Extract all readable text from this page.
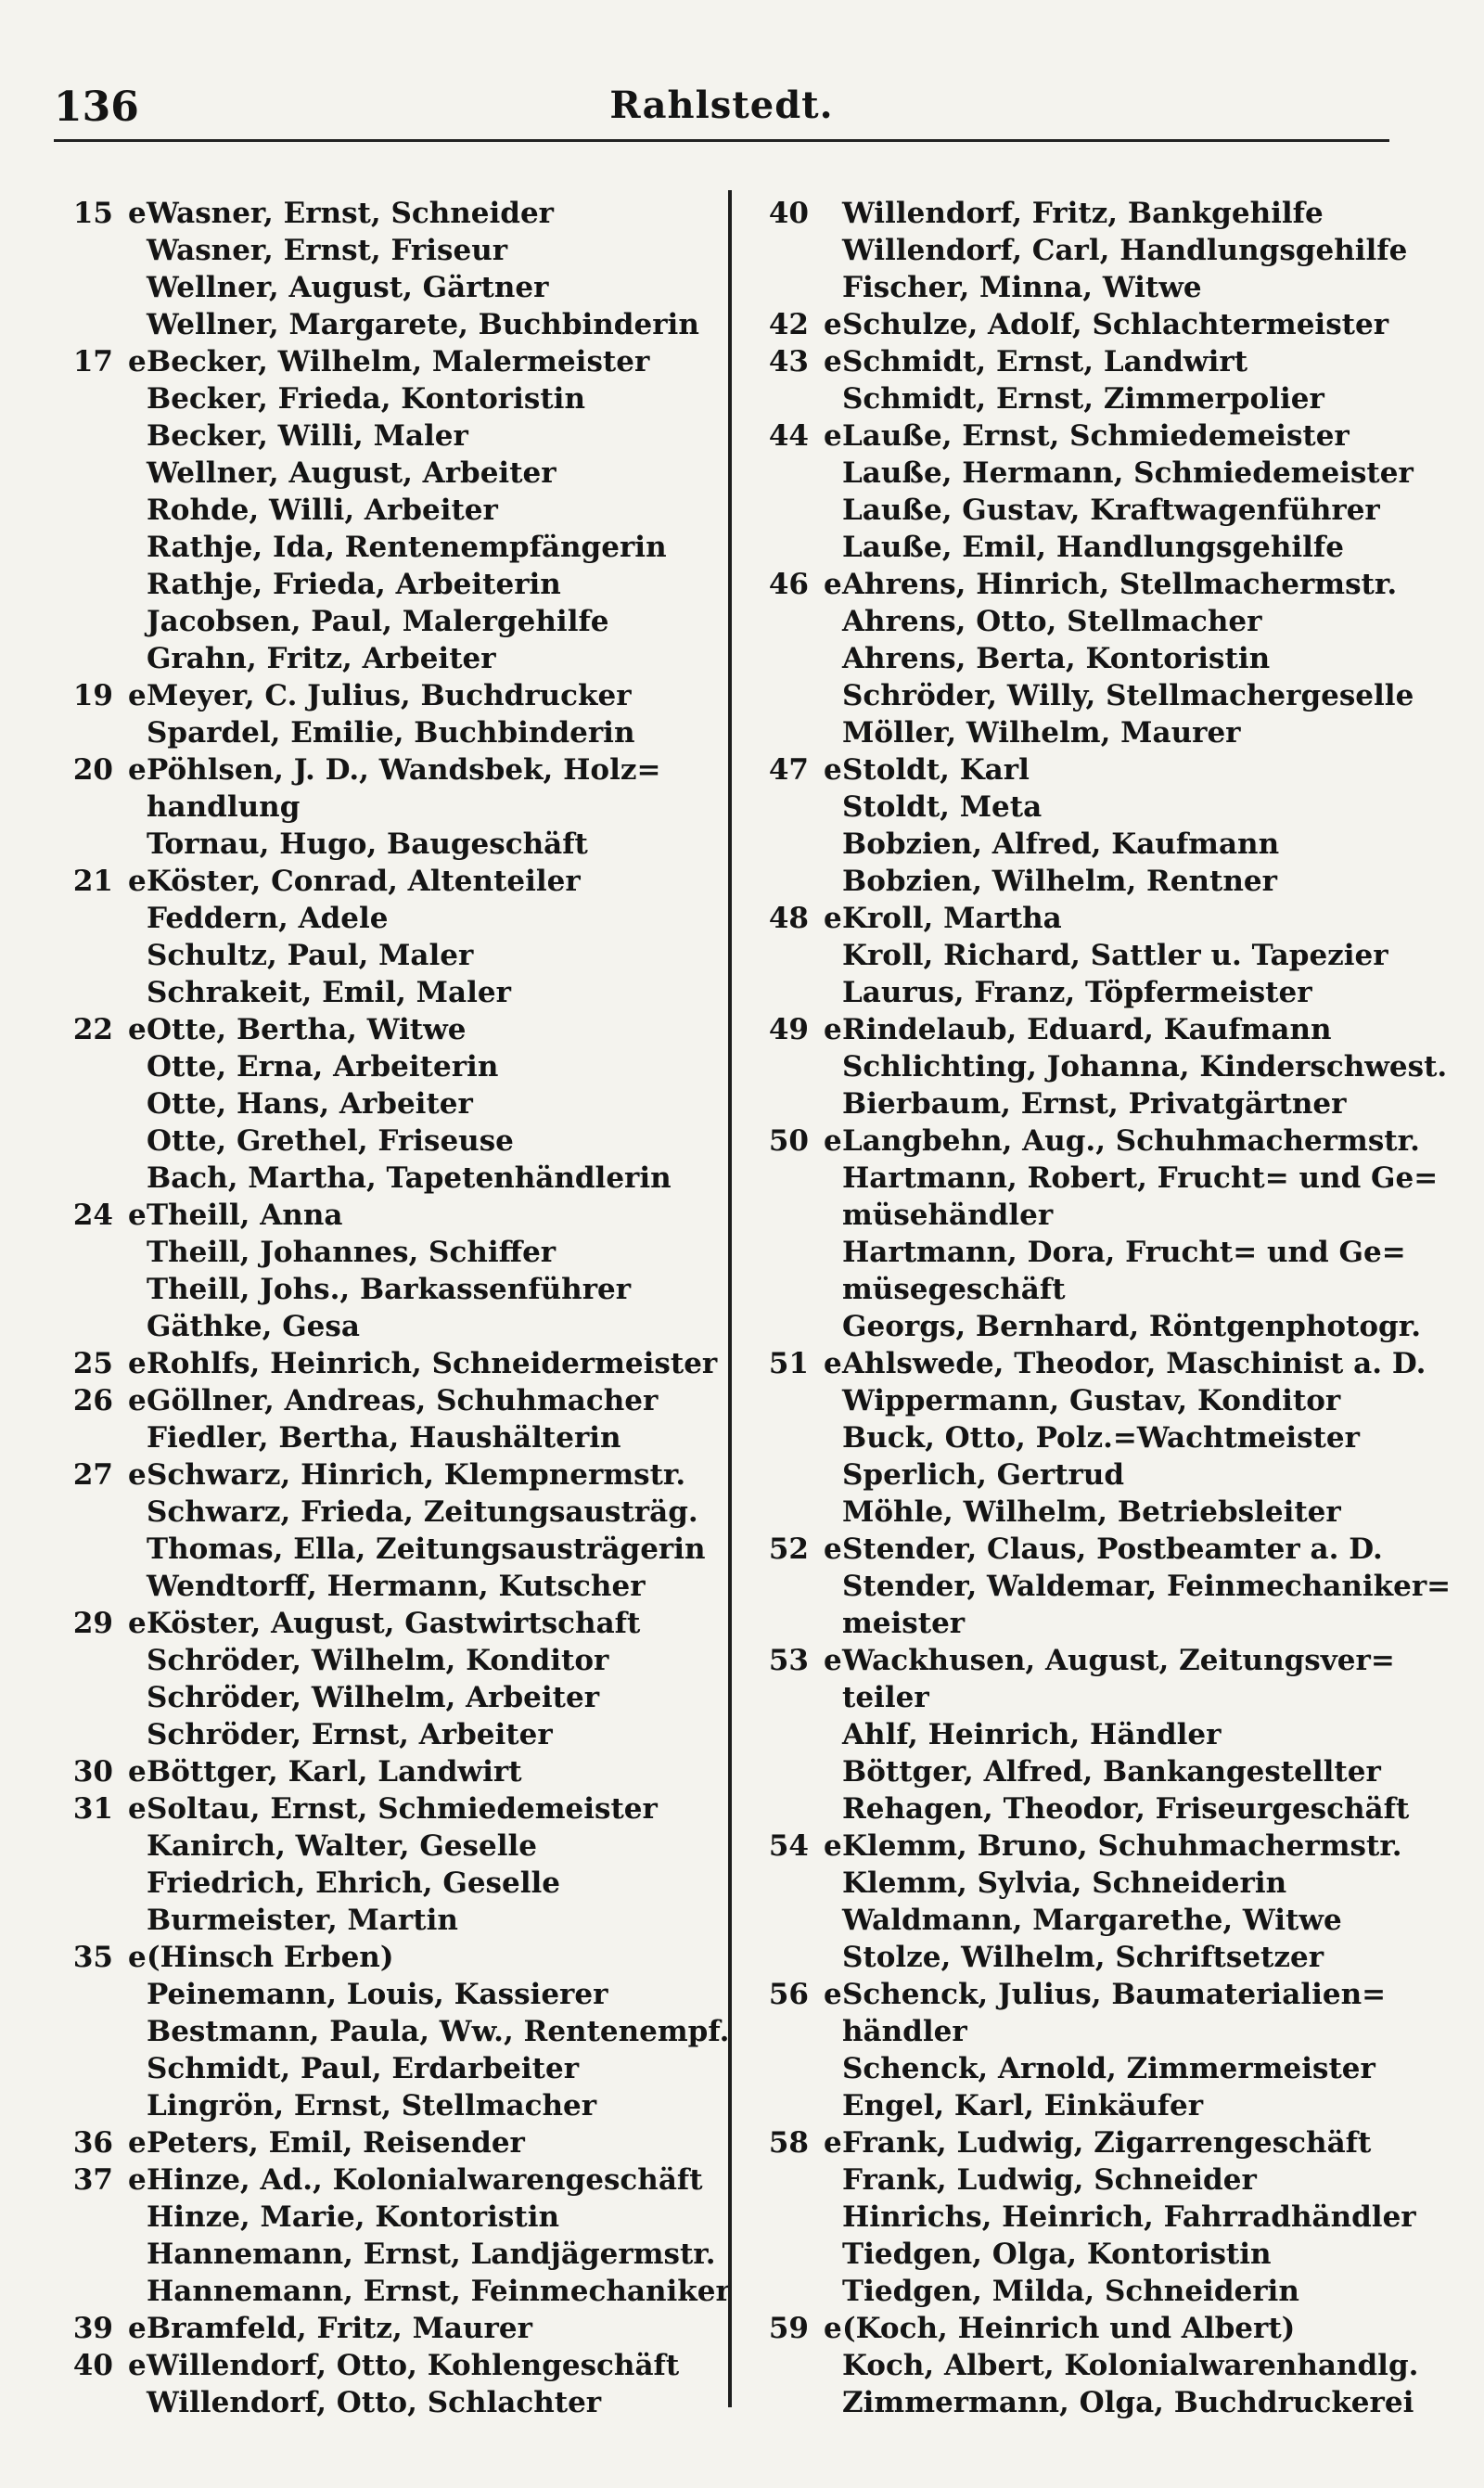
136	Rahlstedt.
15 e Wasner, Ernst, Schneider
Wasner, Ernst, Friseur
Wellner, August, Gärtner
Wellner, Margarete, Buchbinderin
17 e Becker, Wilhelm, Malermeister
Becker, Frieda, Kontoristin
Becker, Willi, Maler
Wellner, August, Arbeiter
Rohde, Willi, Arbeiter
Rathje, Ida, Rentenempfängerin
Rathje, Frieda, Arbeiterin
Jacobsen, Paul, Malergehilfe
Grahn, Fritz, Arbeiter
19 e Meyer, C. Julius, Buchdrucker
Spardel, Emilie, Buchbinderin
20 e Pöhlsen, J. D., Wandsbek, Holz=
handlung
Tornau, Hugo, Baugeschäft
21 e Köster, Conrad, Altenteiler
Feddern, Adele
Schultz, Paul, Maler
Schrakeit, Emil, Maler
22 e Otte, Bertha, Witwe
Otte, Erna, Arbeiterin
Otte, Hans, Arbeiter
Otte, Grethel, Friseuse
Bach, Martha, Tapetenhändlerin
24 e Theill, Anna
Theill, Johannes, Schiffer
Theill, Johs., Barkassenführer
Gäthke, Gesa
25 e Rohlfs, Heinrich, Schneidermeister
26 e Göllner, Andreas, Schuhmacher
Fiedler, Bertha, Haushälterin
27 e Schwarz, Hinrich, Klempnermstr.
Schwarz, Frieda, Zeitungsausträg.
Thomas, Ella, Zeitungsausträgerin
Wendtorff, Hermann, Kutscher
29 e Köster, August, Gastwirtschaft
Schröder, Wilhelm, Konditor
Schröder, Wilhelm, Arbeiter
Schröder, Ernst, Arbeiter
30 e Böttger, Karl, Landwirt
31 e Soltau, Ernst, Schmiedemeister
Kanirch, Walter, Geselle
Friedrich, Ehrich, Geselle
Burmeister, Martin
35 e (Hinsch Erben)
Peinemann, Louis, Kassierer
Bestmann, Paula, Ww., Rentenempf.
Schmidt, Paul, Erdarbeiter
Lingrön, Ernst, Stellmacher
36 e Peters, Emil, Reisender
37 e Hinze, Ad., Kolonialwarengeschäft
Hinze, Marie, Kontoristin
Hannemann, Ernst, Landjägermstr.
Hannemann, Ernst, Feinmechaniker
39 e Bramfeld, Fritz, Maurer
40 e Willendorf, Otto, Kohlengeschäft
Willendorf, Otto, Schlachter
40 Willendorf, Fritz, Bankgehilfe
Willendorf, Carl, Handlungsgehilfe
Fischer, Minna, Witwe
42 e Schulze, Adolf, Schlachtermeister
43 e Schmidt, Ernst, Landwirt
Schmidt, Ernst, Zimmerpolier
44 e Lauße, Ernst, Schmiedemeister
Lauße, Hermann, Schmiedemeister
Lauße, Gustav, Kraftwagenführer
Lauße, Emil, Handlungsgehilfe
46 e Ahrens, Hinrich, Stellmachermstr.
Ahrens, Otto, Stellmacher
Ahrens, Berta, Kontoristin
Schröder, Willy, Stellmachergeselle
Möller, Wilhelm, Maurer
47 e Stoldt, Karl
Stoldt, Meta
Bobzien, Alfred, Kaufmann
Bobzien, Wilhelm, Rentner
48 e Kroll, Martha
Kroll, Richard, Sattler u. Tapezier
Laurus, Franz, Töpfermeister
49 e Rindelaub, Eduard, Kaufmann
Schlichting, Johanna, Kinderschwest.
Bierbaum, Ernst, Privatgärtner
50 e Langbehn, Aug., Schuhmachermstr.
Hartmann, Robert, Frucht= und Ge=
müsehändler
Hartmann, Dora, Frucht= und Ge=
müsegeschäft
Georgs, Bernhard, Röntgenphotogr.
51 e Ahlswede, Theodor, Maschinist a. D.
Wippermann, Gustav, Konditor
Buck, Otto, Polz.=Wachtmeister
Sperlich, Gertrud
Möhle, Wilhelm, Betriebsleiter
52 e Stender, Claus, Postbeamter a. D.
Stender, Waldemar, Feinmechaniker=
meister
53 e Wackhusen, August, Zeitungsver=
teiler
Ahlf, Heinrich, Händler
Böttger, Alfred, Bankangestellter
Rehagen, Theodor, Friseurgeschäft
54 e Klemm, Bruno, Schuhmachermstr.
Klemm, Sylvia, Schneiderin
Waldmann, Margarethe, Witwe
Stolze, Wilhelm, Schriftsetzer
56 e Schenck, Julius, Baumaterialien=
händler
Schenck, Arnold, Zimmermeister
Engel, Karl, Einkäufer
58 e Frank, Ludwig, Zigarrengeschäft
Frank, Ludwig, Schneider
Hinrichs, Heinrich, Fahrradhändler
Tiedgen, Olga, Kontoristin
Tiedgen, Milda, Schneiderin
59 e (Koch, Heinrich und Albert)
Koch, Albert, Kolonialwarenhandlg.
Zimmermann, Olga, Buchdruckerei
